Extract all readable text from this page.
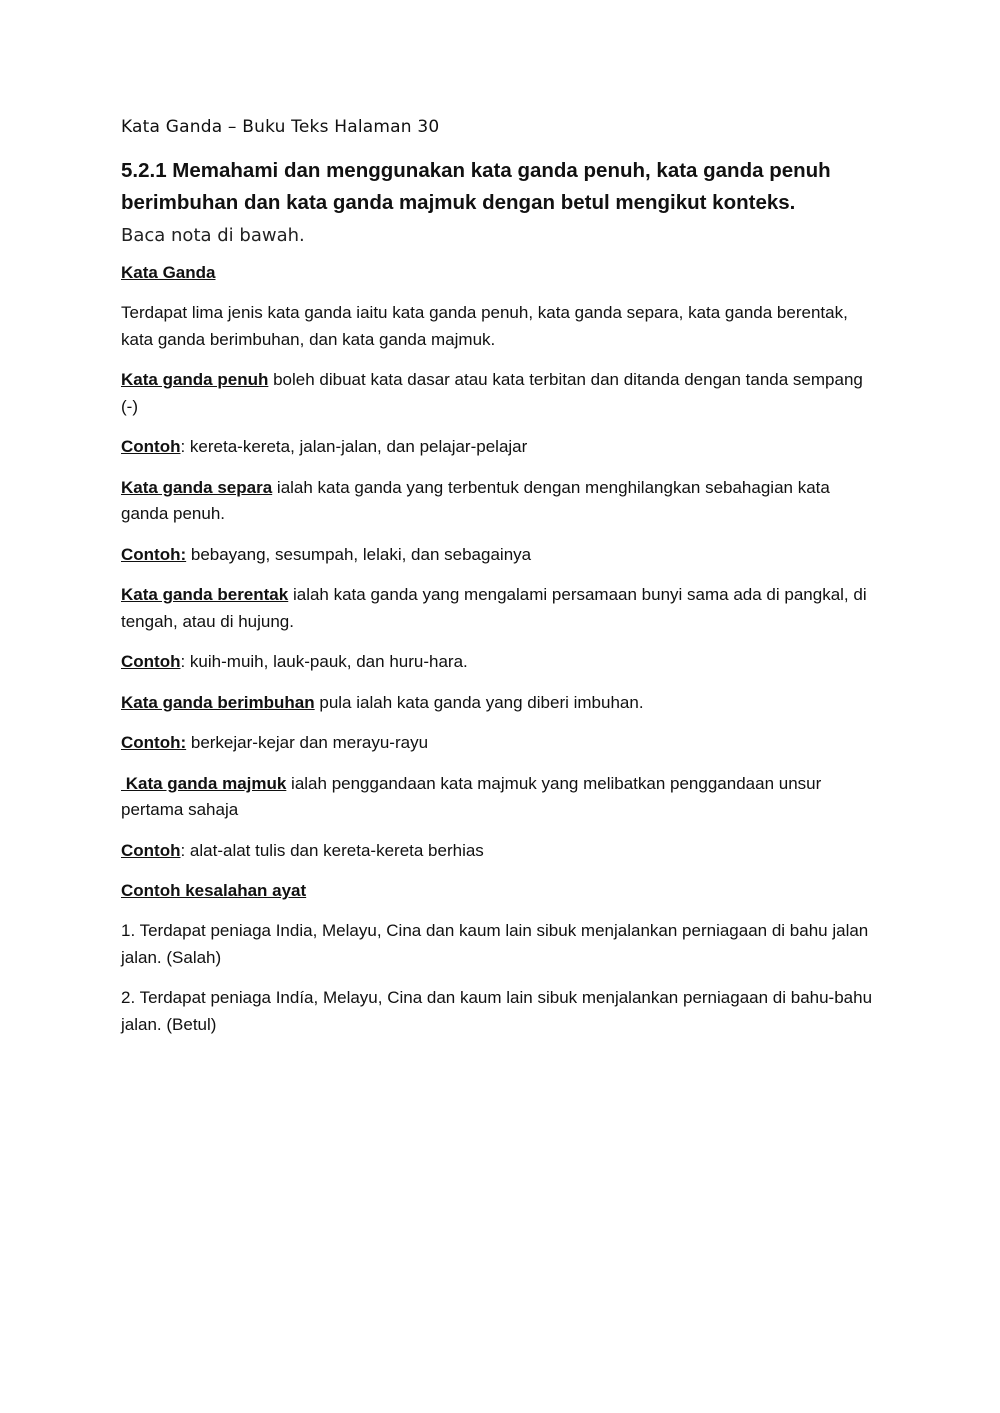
Kata Ganda – Buku Teks Halaman 30
5.2.1 Memahami dan menggunakan kata ganda penuh, kata ganda penuh berimbuhan dan kata ganda majmuk dengan betul mengikut konteks.
Baca nota di bawah.
Kata Ganda

Terdapat lima jenis kata ganda iaitu kata ganda penuh, kata ganda separa, kata ganda berentak, kata ganda berimbuhan, dan kata ganda majmuk.

Kata ganda penuh boleh dibuat kata dasar atau kata terbitan dan ditanda dengan tanda sempang (-)

Contoh: kereta-kereta, jalan-jalan, dan pelajar-pelajar

Kata ganda separa ialah kata ganda yang terbentuk dengan menghilangkan sebahagian kata ganda penuh.

Contoh: bebayang, sesumpah, lelaki, dan sebagainya

Kata ganda berentak ialah kata ganda yang mengalami persamaan bunyi sama ada di pangkal, di tengah, atau di hujung.

Contoh: kuih-muih, lauk-pauk, dan huru-hara.

Kata ganda berimbuhan pula ialah kata ganda yang diberi imbuhan.

Contoh: berkejar-kejar dan merayu-rayu

Kata ganda majmuk ialah penggandaan kata majmuk yang melibatkan penggandaan unsur pertama sahaja

Contoh: alat-alat tulis dan kereta-kereta berhias

Contoh kesalahan ayat

1. Terdapat peniaga India, Melayu, Cina dan kaum lain sibuk menjalankan perniagaan di bahu jalan jalan. (Salah)

2. Terdapat peniaga Indía, Melayu, Cina dan kaum lain sibuk menjalankan perniagaan di bahu-bahu jalan. (Betul)
